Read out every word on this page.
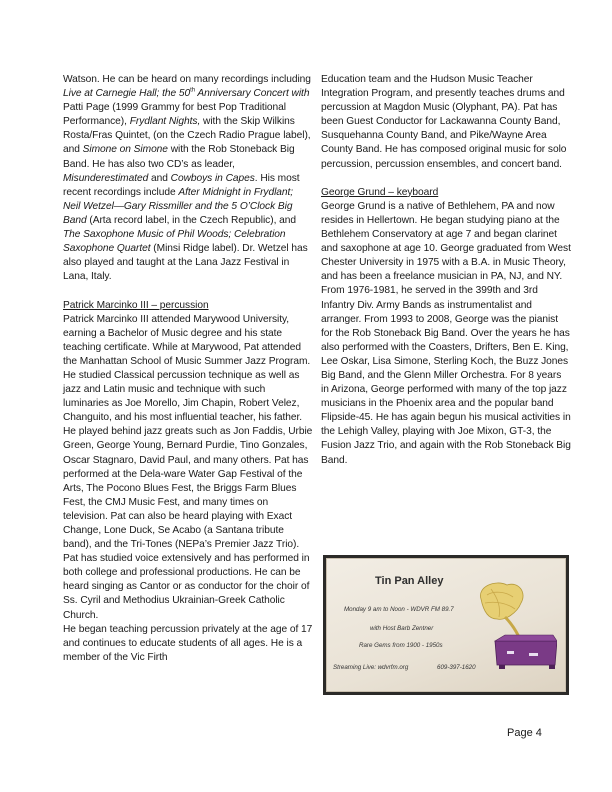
Watson. He can be heard on many recordings including Live at Carnegie Hall; the 50th Anniversary Concert with Patti Page (1999 Grammy for best Pop Traditional Performance), Frydlant Nights, with the Skip Wilkins Rosta/Fras Quintet, (on the Czech Radio Prague label), and Simone on Simone with the Rob Stoneback Big Band. He has also two CD’s as leader, Misunderestimated and Cowboys in Capes. His most recent recordings include After Midnight in Frydlant; Neil Wetzel—Gary Rissmiller and the 5 O’Clock Big Band (Arta record label, in the Czech Republic), and The Saxophone Music of Phil Woods; Celebration Saxophone Quartet (Minsi Ridge label). Dr. Wetzel has also played and taught at the Lana Jazz Festival in Lana, Italy.

Patrick Marcinko III – percussion

Patrick Marcinko III attended Marywood University, earning a Bachelor of Music degree and his state teaching certificate. While at Marywood, Pat attended the Manhattan School of Music Summer Jazz Program. He studied Classical percussion technique as well as jazz and Latin music and technique with such luminaries as Joe Morello, Jim Chapin, Robert Velez, Changuito, and his most influential teacher, his father.

He played behind jazz greats such as Jon Faddis, Urbie Green, George Young, Bernard Purdie, Tino Gonzales, Oscar Stagnaro, David Paul, and many others. Pat has performed at the Dela-ware Water Gap Festival of the Arts, The Pocono Blues Fest, the Briggs Farm Blues Fest, the CMJ Music Fest, and many times on television. Pat can also be heard playing with Exact Change, Lone Duck, Se Acabo (a Santana tribute band), and the Tri-Tones (NEPa’s Premier Jazz Trio).

Pat has studied voice extensively and has performed in both college and professional productions. He can be heard singing as Cantor or as conductor for the choir of Ss. Cyril and Methodius Ukrainian-Greek Catholic Church.

He began teaching percussion privately at the age of 17 and continues to educate students of all ages. He is a member of the Vic Firth

Education team and the Hudson Music Teacher Integration Program, and presently teaches drums and percussion at Magdon Music (Olyphant, PA). Pat has been Guest Conductor for Lackawanna County Band, Susquehanna County Band, and Pike/Wayne Area County Band. He has composed original music for solo percussion, percussion ensembles, and concert band.

George Grund – keyboard

George Grund is a native of Bethlehem, PA and now resides in Hellertown. He began studying piano at the Bethlehem Conservatory at age 7 and began clarinet and saxophone at age 10. George graduated from West Chester University in 1975 with a B.A. in Music Theory, and has been a freelance musician in PA, NJ, and NY. From 1976-1981, he served in the 399th and 3rd Infantry Div. Army Bands as instrumentalist and arranger. From 1993 to 2008, George was the pianist for the Rob Stoneback Big Band. Over the years he has also performed with the Coasters, Drifters, Ben E. King, Lee Oskar, Lisa Simone, Sterling Koch, the Buzz Jones Big Band, and the Glenn Miller Orchestra. For 8 years in Arizona, George performed with many of the top jazz musicians in the Phoenix area and the popular band Flipside-45. He has again begun his musical activities in the Lehigh Valley, playing with Joe Mixon, GT-3, the Fusion Jazz Trio, and again with the Rob Stoneback Big Band.

Tin Pan Alley
Monday 9 am to Noon - WDVR FM 89.7
with Host Barb Zentner
Rare Gems from 1900 - 1950s
Streaming Live: wdvrfm.org	609-397-1620
Page 4
